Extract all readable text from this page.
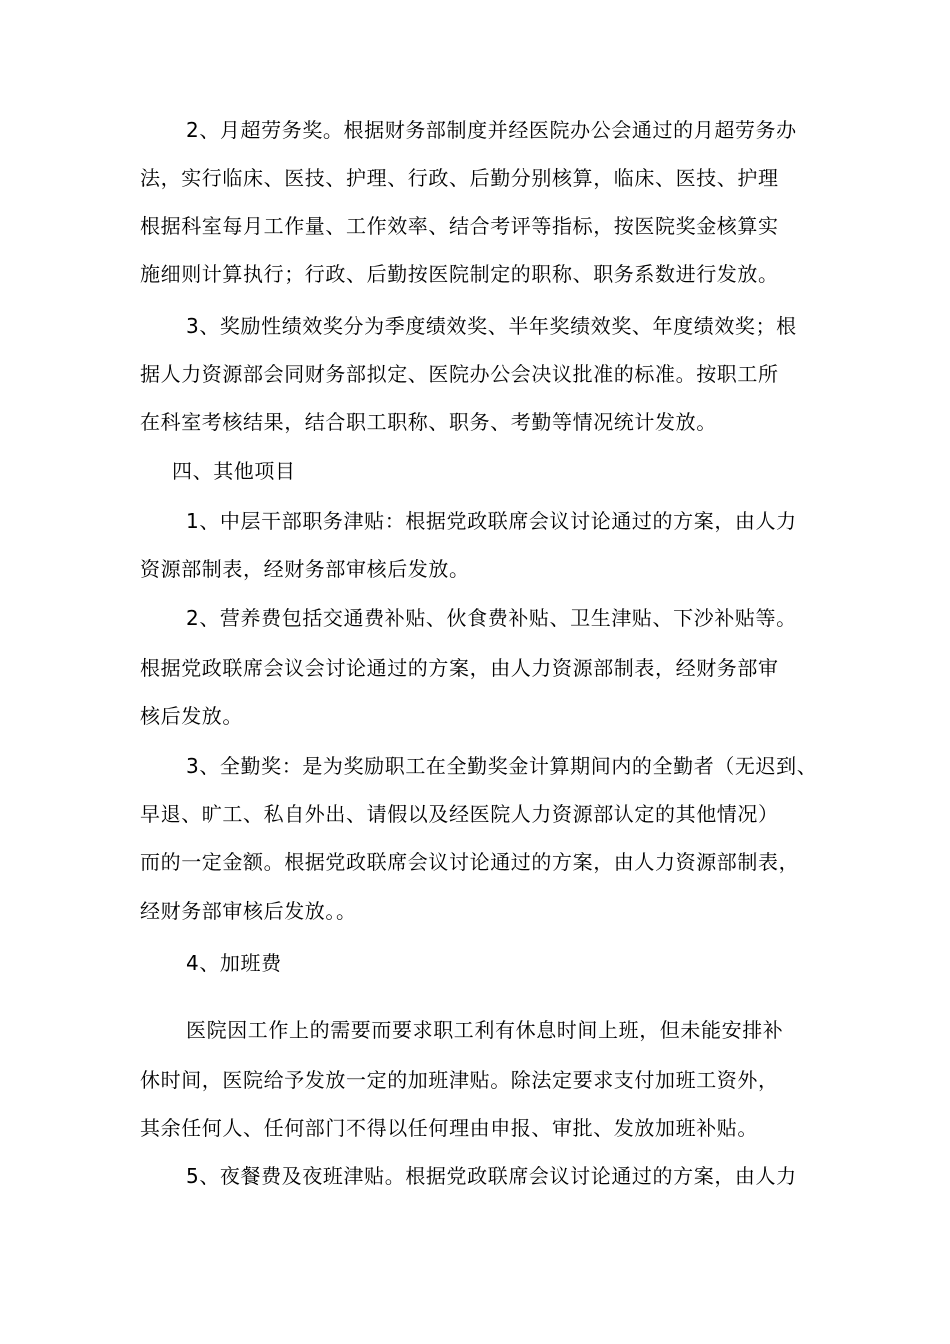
2、月超劳务奖。根据财务部制度并经医院办公会通过的月超劳务办
法，实行临床、医技、护理、行政、后勤分别核算，临床、医技、护理
根据科室每月工作量、工作效率、结合考评等指标，按医院奖金核算实
施细则计算执行；行政、后勤按医院制定的职称、职务系数进行发放。
3、奖励性绩效奖分为季度绩效奖、半年奖绩效奖、年度绩效奖；根
据人力资源部会同财务部拟定、医院办公会决议批准的标准。按职工所
在科室考核结果，结合职工职称、职务、考勤等情况统计发放。
四、其他项目
1、中层干部职务津贴：根据党政联席会议讨论通过的方案，由人力
资源部制表，经财务部审核后发放。
2、营养费包括交通费补贴、伙食费补贴、卫生津贴、下沙补贴等。
根据党政联席会议会讨论通过的方案，由人力资源部制表，经财务部审
核后发放。
3、全勤奖：是为奖励职工在全勤奖金计算期间内的全勤者（无迟到、
早退、旷工、私自外出、请假以及经医院人力资源部认定的其他情况）
而的一定金额。根据党政联席会议讨论通过的方案，由人力资源部制表，
经财务部审核后发放。。
4、加班费
医院因工作上的需要而要求职工利有休息时间上班，但未能安排补
休时间，医院给予发放一定的加班津贴。除法定要求支付加班工资外，
其余任何人、任何部门不得以任何理由申报、审批、发放加班补贴。
5、夜餐费及夜班津贴。根据党政联席会议讨论通过的方案，由人力
